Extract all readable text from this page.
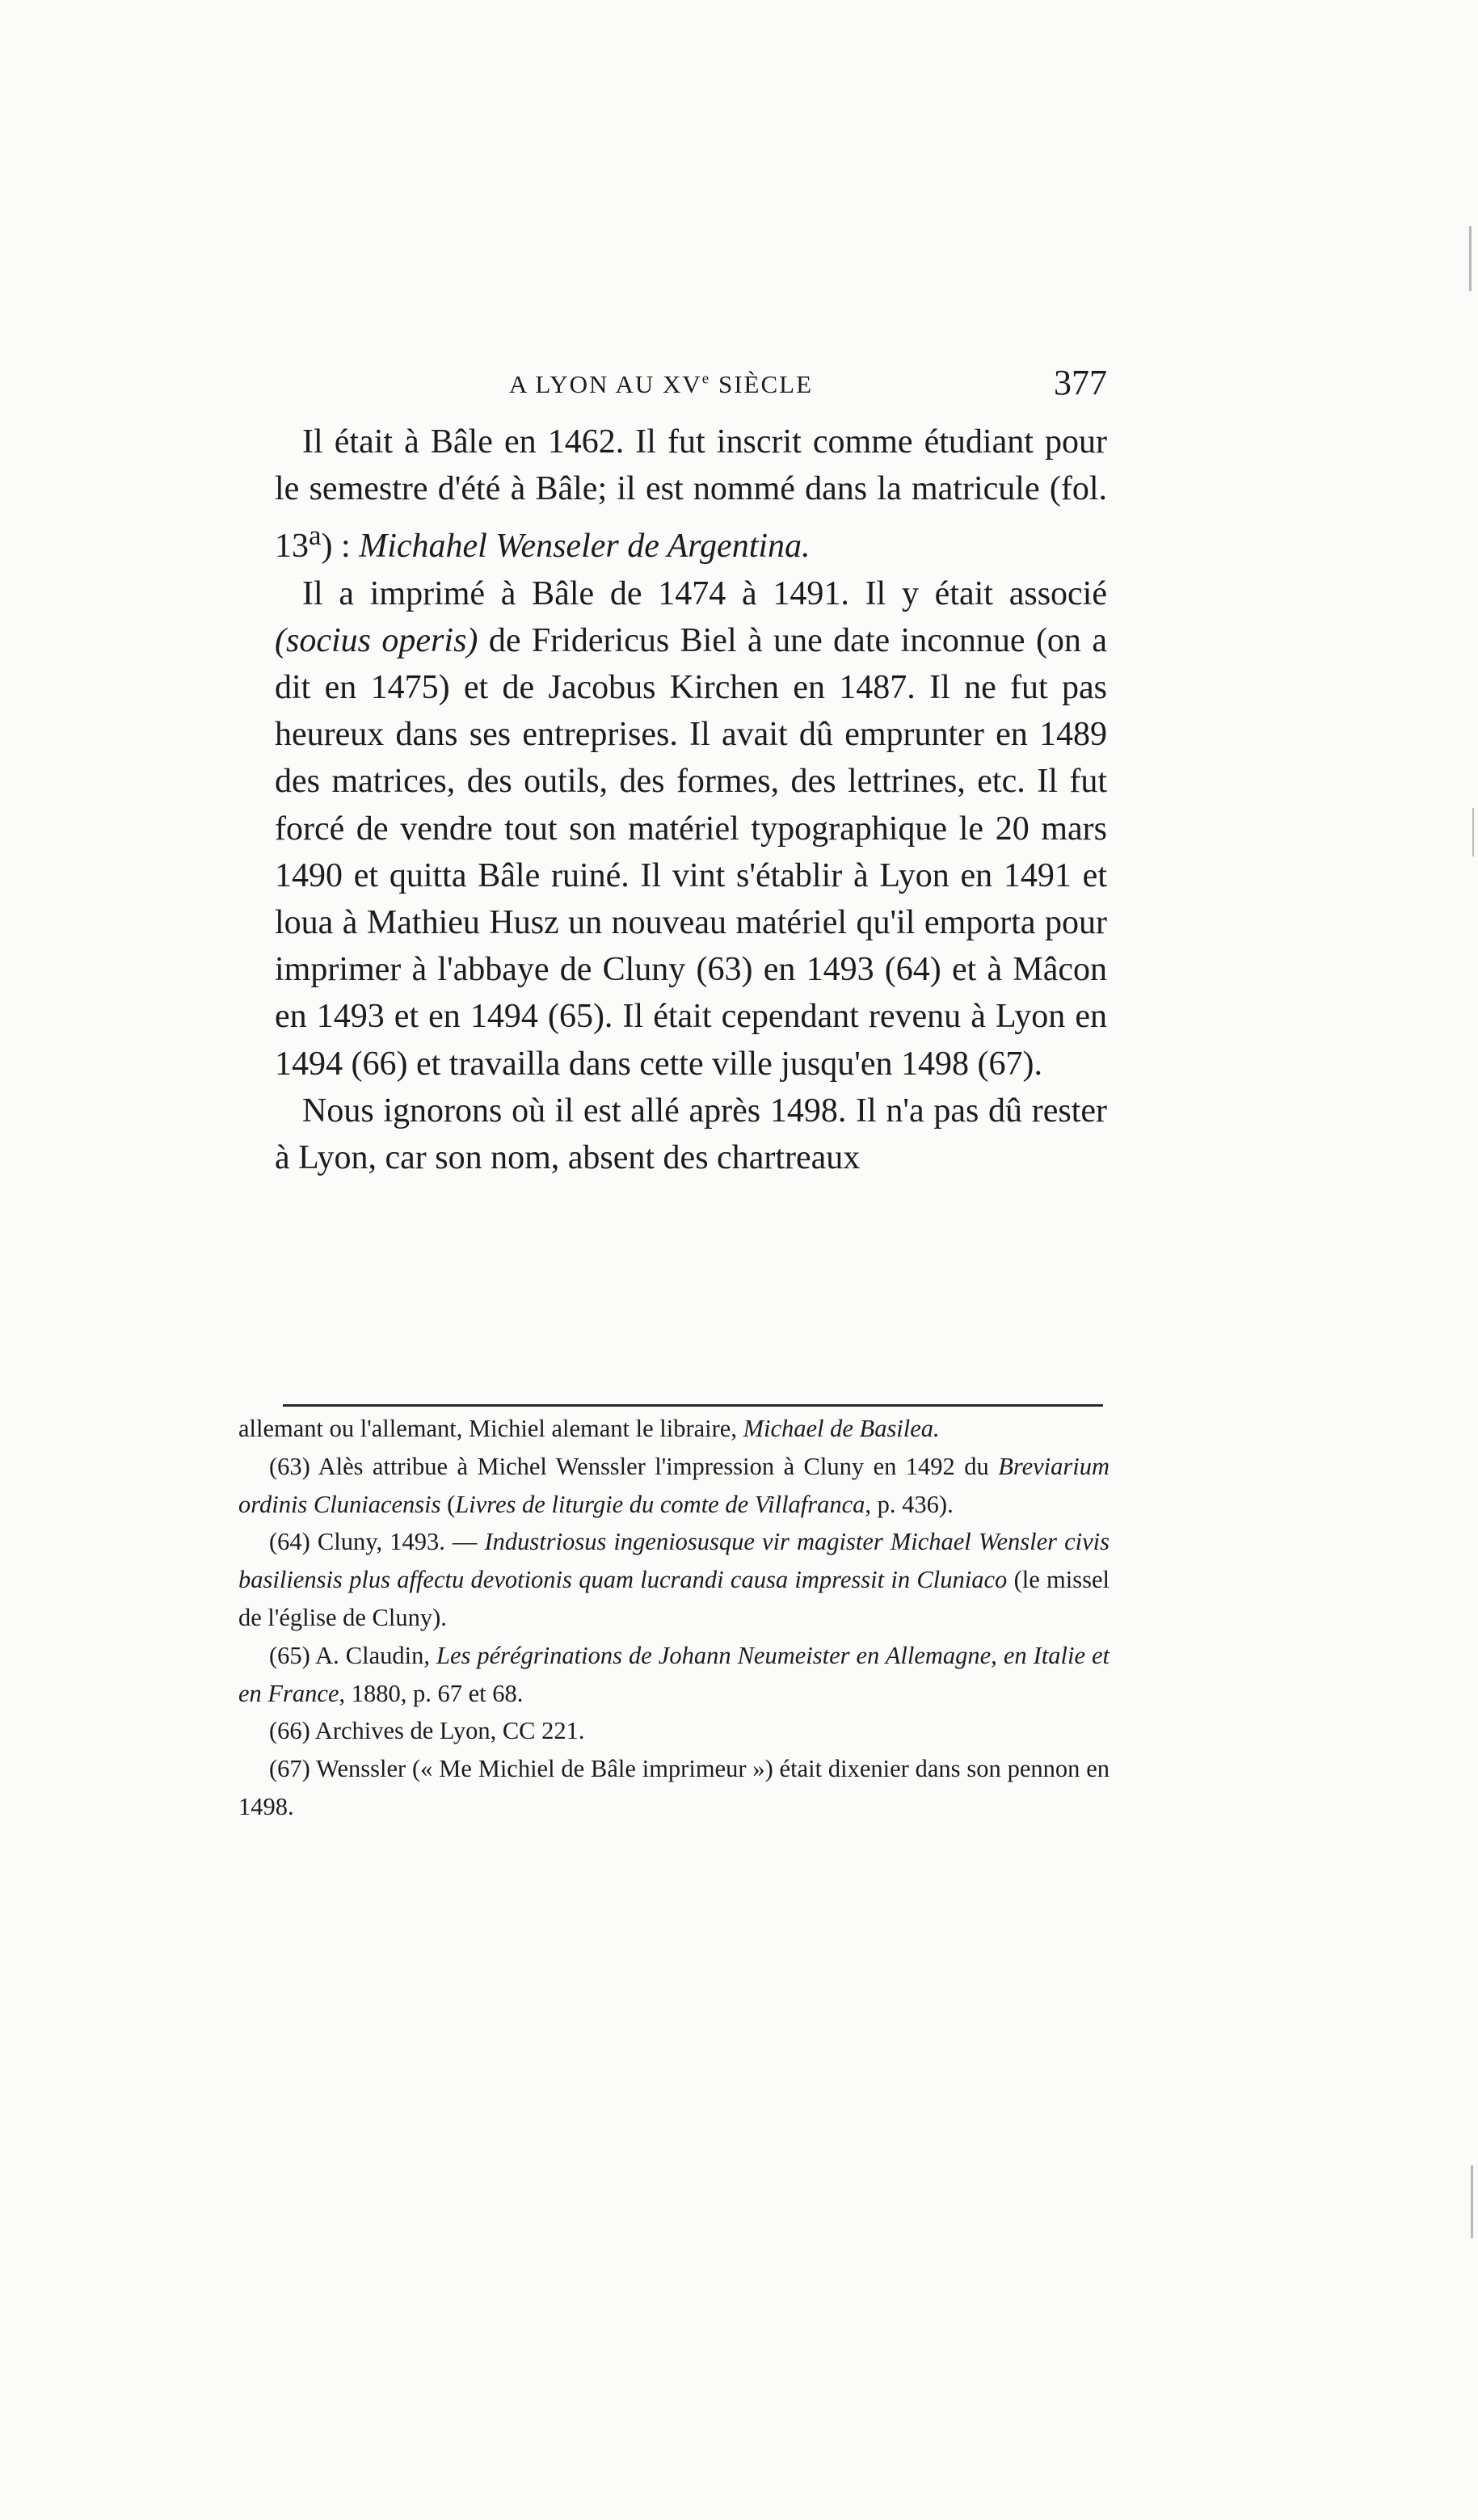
A LYON AU XVe SIÈCLE	377

Il était à Bâle en 1462. Il fut inscrit comme étudiant pour le semestre d'été à Bâle; il est nommé dans la matricule (fol. 13$^a$) : Michahel Wenseler de Argentina.

Il a imprimé à Bâle de 1474 à 1491. Il y était associé (socius operis) de Fridericus Biel à une date inconnue (on a dit en 1475) et de Jacobus Kirchen en 1487. Il ne fut pas heureux dans ses entreprises. Il avait dû emprunter en 1489 des matrices, des outils, des formes, des lettrines, etc. Il fut forcé de vendre tout son matériel typographique le 20 mars 1490 et quitta Bâle ruiné. Il vint s'établir à Lyon en 1491 et loua à Mathieu Husz un nouveau matériel qu'il emporta pour imprimer à l'abbaye de Cluny (63) en 1493 (64) et à Mâcon en 1493 et en 1494 (65). Il était cependant revenu à Lyon en 1494 (66) et travailla dans cette ville jusqu'en 1498 (67).

Nous ignorons où il est allé après 1498. Il n'a pas dû rester à Lyon, car son nom, absent des chartreaux

allemant ou l'allemant, Michiel alemant le libraire, Michael de Basilea.

(63) Alès attribue à Michel Wenssler l'impression à Cluny en 1492 du Breviarium ordinis Cluniacensis (Livres de liturgie du comte de Villafranca, p. 436).

(64) Cluny, 1493. — Industriosus ingeniosusque vir magister Michael Wensler civis basiliensis plus affectu devotionis quam lucrandi causa impressit in Cluniaco (le missel de l'église de Cluny).

(65) A. Claudin, Les pérégrinations de Johann Neumeister en Allemagne, en Italie et en France, 1880, p. 67 et 68.

(66) Archives de Lyon, CC 221.

(67) Wenssler (« Me Michiel de Bâle imprimeur ») était dixenier dans son pennon en 1498.
